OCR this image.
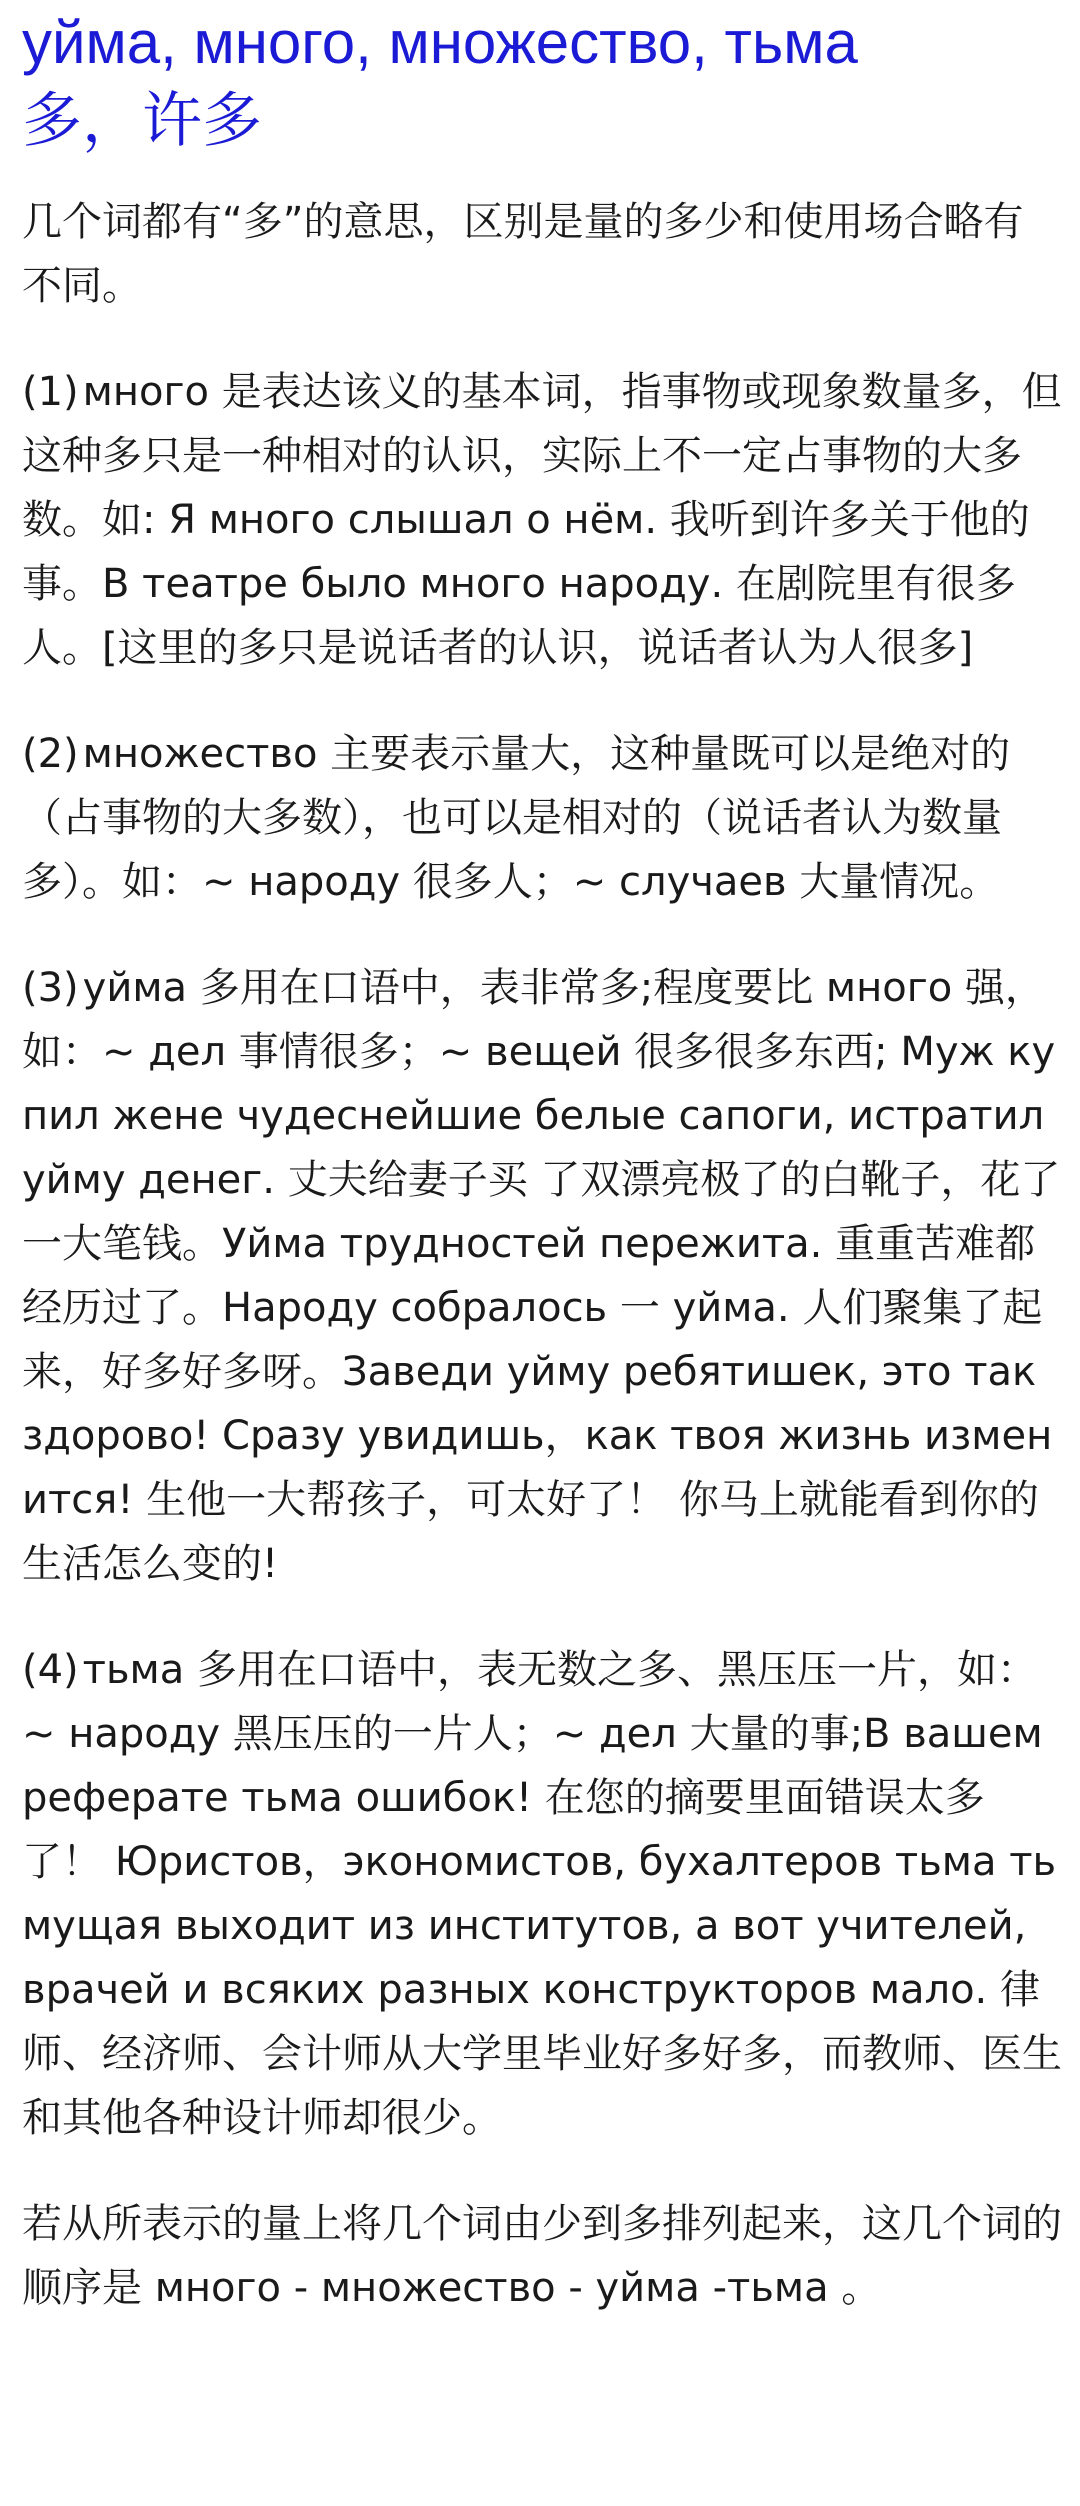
уйма, много, множество, тьма
多，许多

几个词都有“多”的意思，区别是量的多少和使用场合略有不同。

(1) много 是表达该义的基本词，指事物或现象数量多，但这种多只是一种相对的认识，实际上不一定占事物的大多数。如: Я много слышал о нём. 我听到许多关于他的事。В театре было много народу. 在剧院里有很多人。[这里的多只是说话者的认识，说话者认为人很多]

(2) множество 主要表示量大，这种量既可以是绝对的（占事物的大多数），也可以是相对的（说话者认为数量多）。如：~ народу 很多人；~ случаев 大量情况。

(3) уйма 多用在口语中，表非常多;程度要比 много 强，如：~ дел 事情很多；~ вещей 很多很多东西; Муж купил жене чудеснейшие белые сапоги, истратил уйму денег. 丈夫给妻子买 了双漂亮极了的白靴子，花了一大笔钱。Уйма трудностей пережита. 重重苦难都经历过了。Народу собралось 一 уйма. 人们聚集了起来，好多好多呀。Заведи уйму ребятишек, это так здорово! Сразу увидишь，как твоя жизнь изменится! 生他一大帮孩子，可太好了！ 你马上就能看到你的生活怎么变的!

(4) тьма 多用在口语中，表无数之多、黑压压一片，如：~ народу 黑压压的一片人；~ дел 大量的事;В вашем реферате тьма ошибок! 在您的摘要里面错误太多了！ Юристов，экономистов, бухалтеров тьма тьмущая выходит из институтов, а вот учителей, врачей и всяких разных конструкторов мало. 律师、经济师、会计师从大学里毕业好多好多，而教师、医生和其他各种设计师却很少。

若从所表示的量上将几个词由少到多排列起来，这几个词的顺序是 много - множество - уйма -тьма 。
